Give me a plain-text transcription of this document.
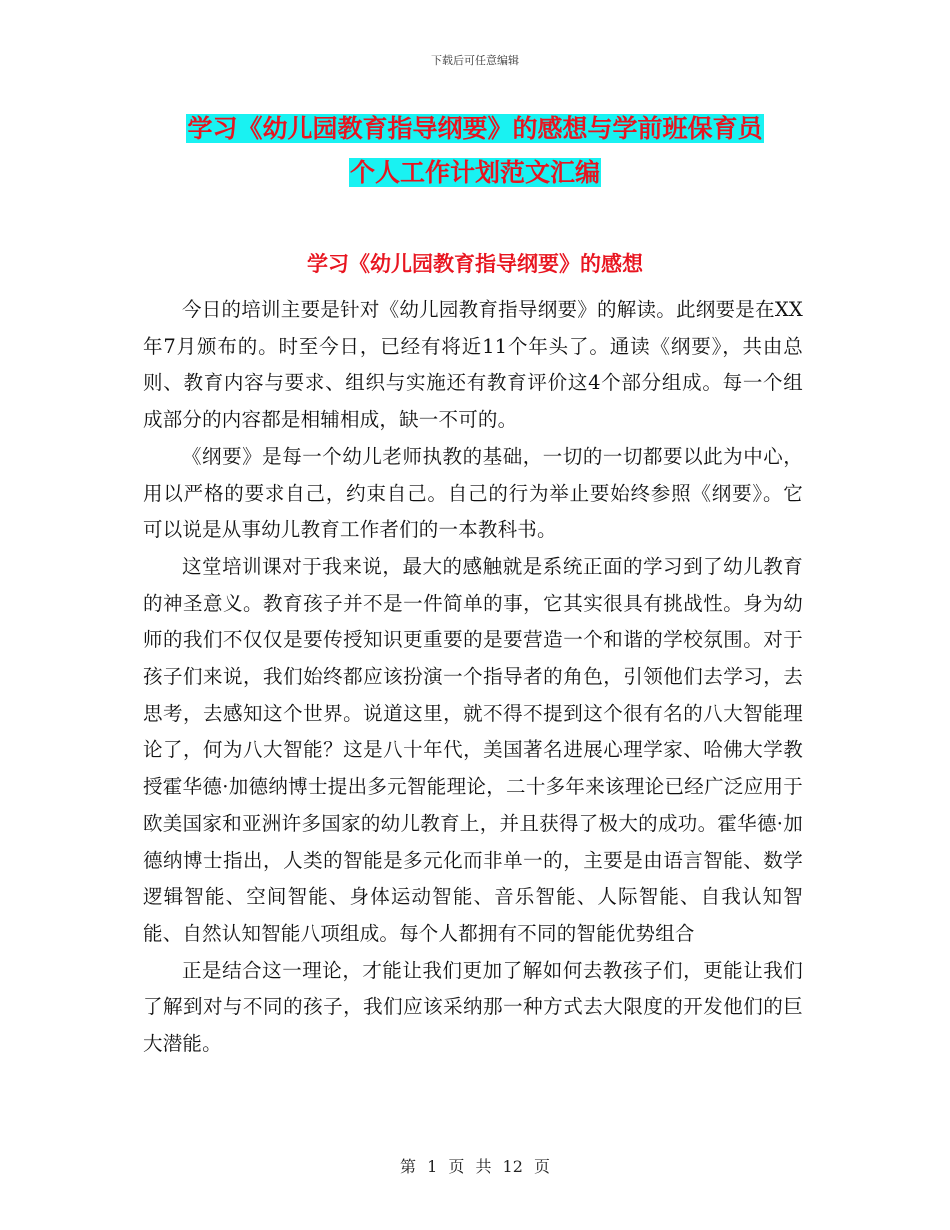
下载后可任意编辑
学习《幼儿园教育指导纲要》的感想与学前班保育员
个人工作计划范文汇编
学习《幼儿园教育指导纲要》的感想

今日的培训主要是针对《幼儿园教育指导纲要》的解读。此纲要是在XX年7月颁布的。时至今日，已经有将近11个年头了。通读《纲要》，共由总则、教育内容与要求、组织与实施还有教育评价这4个部分组成。每一个组成部分的内容都是相辅相成，缺一不可的。

《纲要》是每一个幼儿老师执教的基础，一切的一切都要以此为中心，用以严格的要求自己，约束自己。自己的行为举止要始终参照《纲要》。它可以说是从事幼儿教育工作者们的一本教科书。

这堂培训课对于我来说，最大的感触就是系统正面的学习到了幼儿教育的神圣意义。教育孩子并不是一件简单的事，它其实很具有挑战性。身为幼师的我们不仅仅是要传授知识更重要的是要营造一个和谐的学校氛围。对于孩子们来说，我们始终都应该扮演一个指导者的角色，引领他们去学习，去思考，去感知这个世界。说道这里，就不得不提到这个很有名的八大智能理论了，何为八大智能？这是八十年代，美国著名进展心理学家、哈佛大学教授霍华德·加德纳博士提出多元智能理论，二十多年来该理论已经广泛应用于欧美国家和亚洲许多国家的幼儿教育上，并且获得了极大的成功。霍华德·加德纳博士指出，人类的智能是多元化而非单一的，主要是由语言智能、数学逻辑智能、空间智能、身体运动智能、音乐智能、人际智能、自我认知智能、自然认知智能八项组成。每个人都拥有不同的智能优势组合

正是结合这一理论，才能让我们更加了解如何去教孩子们，更能让我们了解到对与不同的孩子，我们应该采纳那一种方式去大限度的开发他们的巨大潜能。

第 1 页 共 12 页
